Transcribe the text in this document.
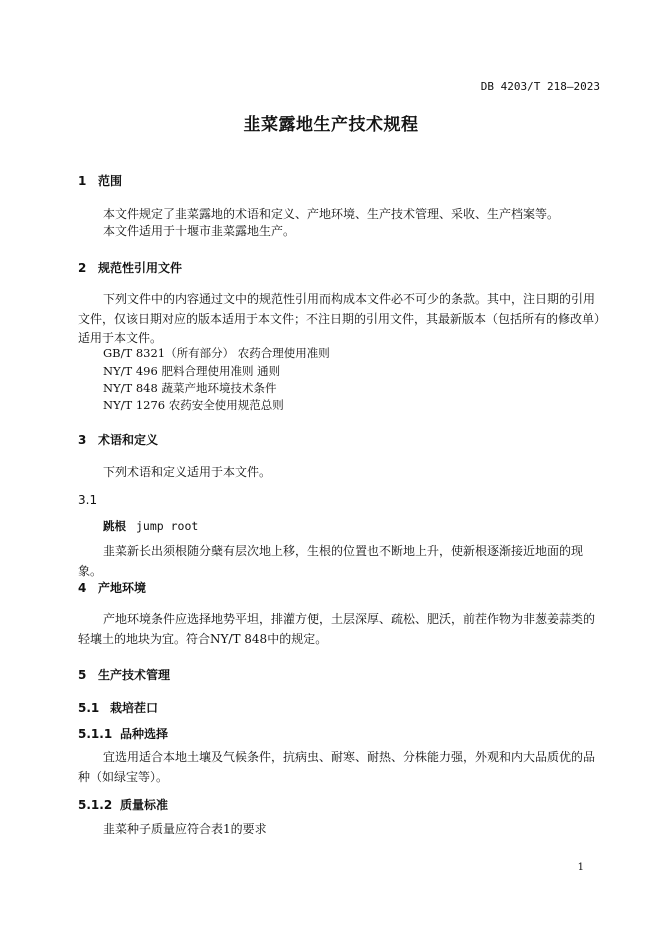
DB 4203/T 218—2023
韭菜露地生产技术规程
1 范围
本文件规定了韭菜露地的术语和定义、产地环境、生产技术管理、采收、生产档案等。
本文件适用于十堰市韭菜露地生产。
2 规范性引用文件
下列文件中的内容通过文中的规范性引用而构成本文件必不可少的条款。其中，注日期的引用文件，仅该日期对应的版本适用于本文件；不注日期的引用文件，其最新版本（包括所有的修改单）适用于本文件。
GB/T 8321（所有部分） 农药合理使用准则
NY/T 496 肥料合理使用准则 通则
NY/T 848 蔬菜产地环境技术条件
NY/T 1276 农药安全使用规范总则
3 术语和定义
下列术语和定义适用于本文件。
3.1
跳根 jump root
韭菜新长出须根随分蘖有层次地上移，生根的位置也不断地上升，使新根逐渐接近地面的现象。
4 产地环境
产地环境条件应选择地势平坦，排灌方便，土层深厚、疏松、肥沃，前茬作物为非葱姜蒜类的轻壤土的地块为宜。符合NY/T 848中的规定。
5 生产技术管理
5.1 栽培茬口
5.1.1 品种选择
宜选用适合本地土壤及气候条件，抗病虫、耐寒、耐热、分株能力强，外观和内大品质优的品种（如绿宝等）。
5.1.2 质量标准
韭菜种子质量应符合表1的要求
1
